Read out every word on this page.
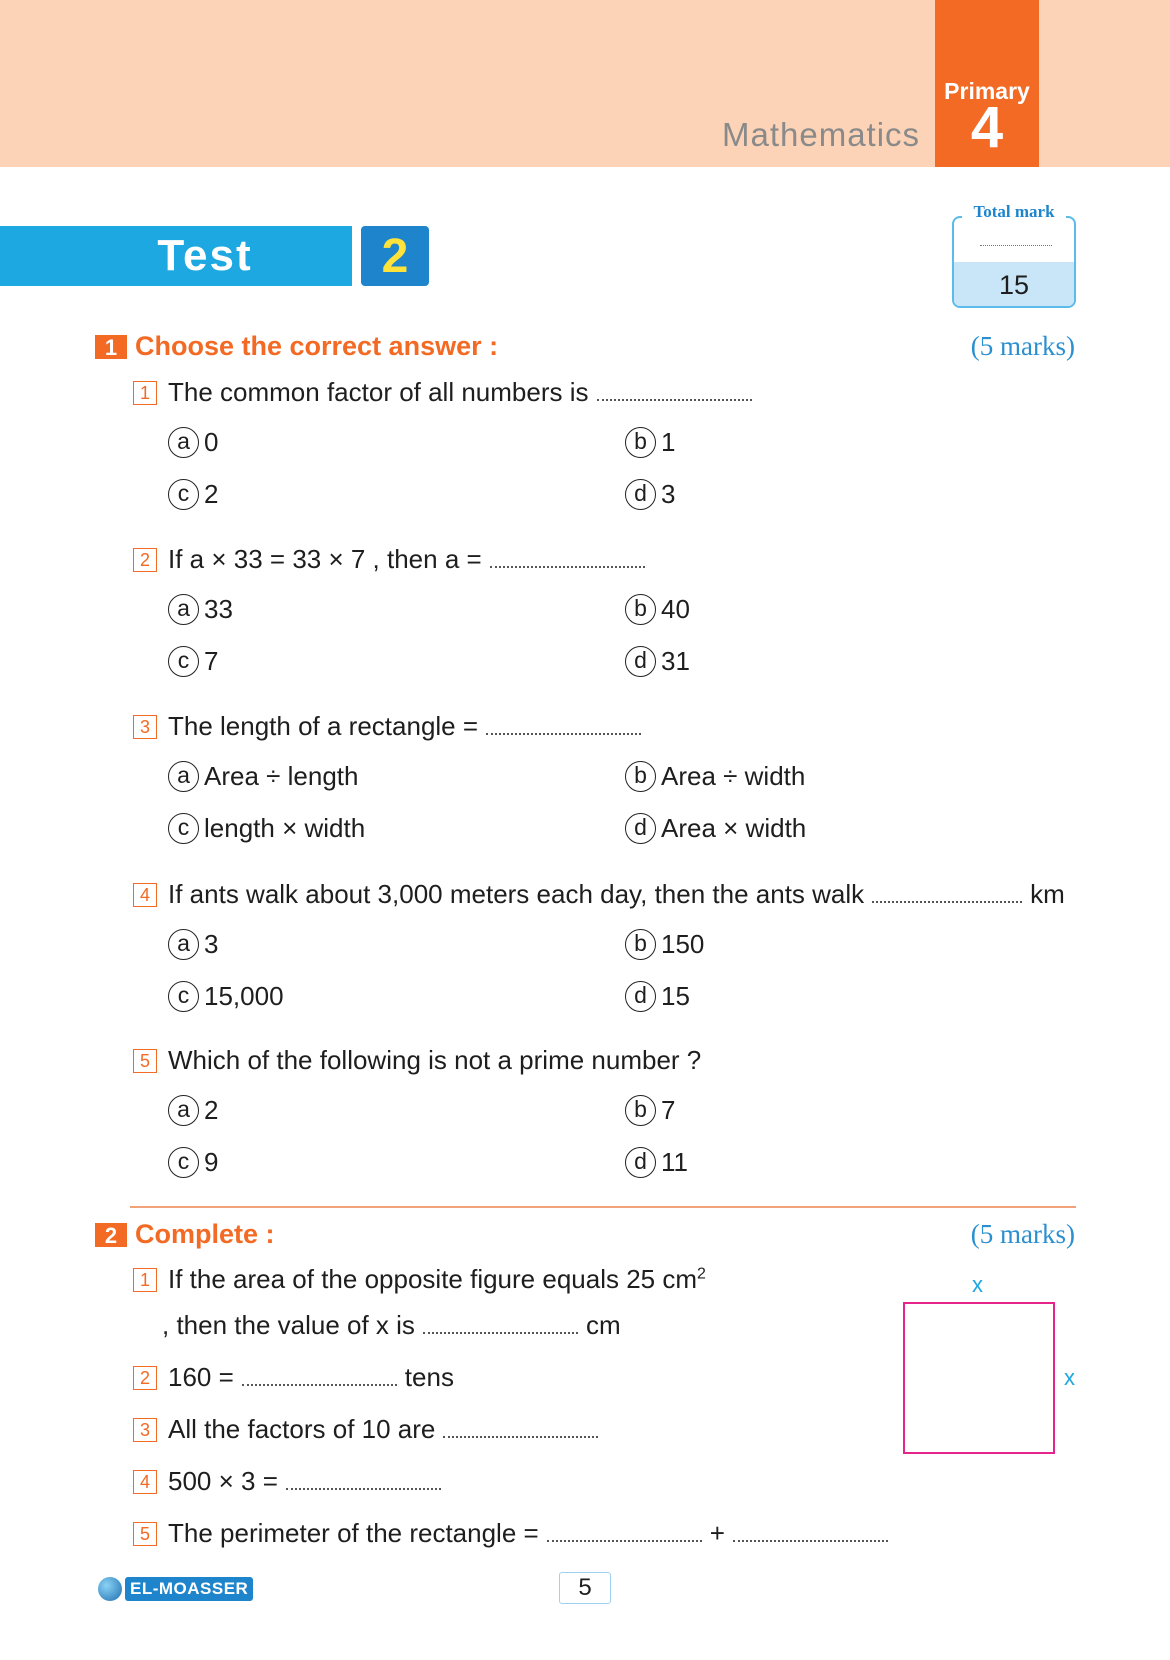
Mathematics
Primary
4
Test	2
Total mark
15
1 Choose the correct answer :	(5 marks)
1 The common factor of all numbers is
a 0	b 1
c 2	d 3
2 If a × 33 = 33 × 7 , then a =
a 33	b 40
c 7	d 31
3 The length of a rectangle =
a Area ÷ length	b Area ÷ width
c length × width	d Area × width
4 If ants walk about 3,000 meters each day, then the ants walk	km
a 3	b 150
c 15,000	d 15
5 Which of the following is not a prime number ?
a 2	b 7
c 9	d 11
2 Complete :	(5 marks)
1 If the area of the opposite figure equals 25 $cm^2$
, then the value of x is	cm
2 160 =	tens
3 All the factors of 10 are
4 500 × 3 =
5 The perimeter of the rectangle =	+
x
x
EL-MOASSER	5
